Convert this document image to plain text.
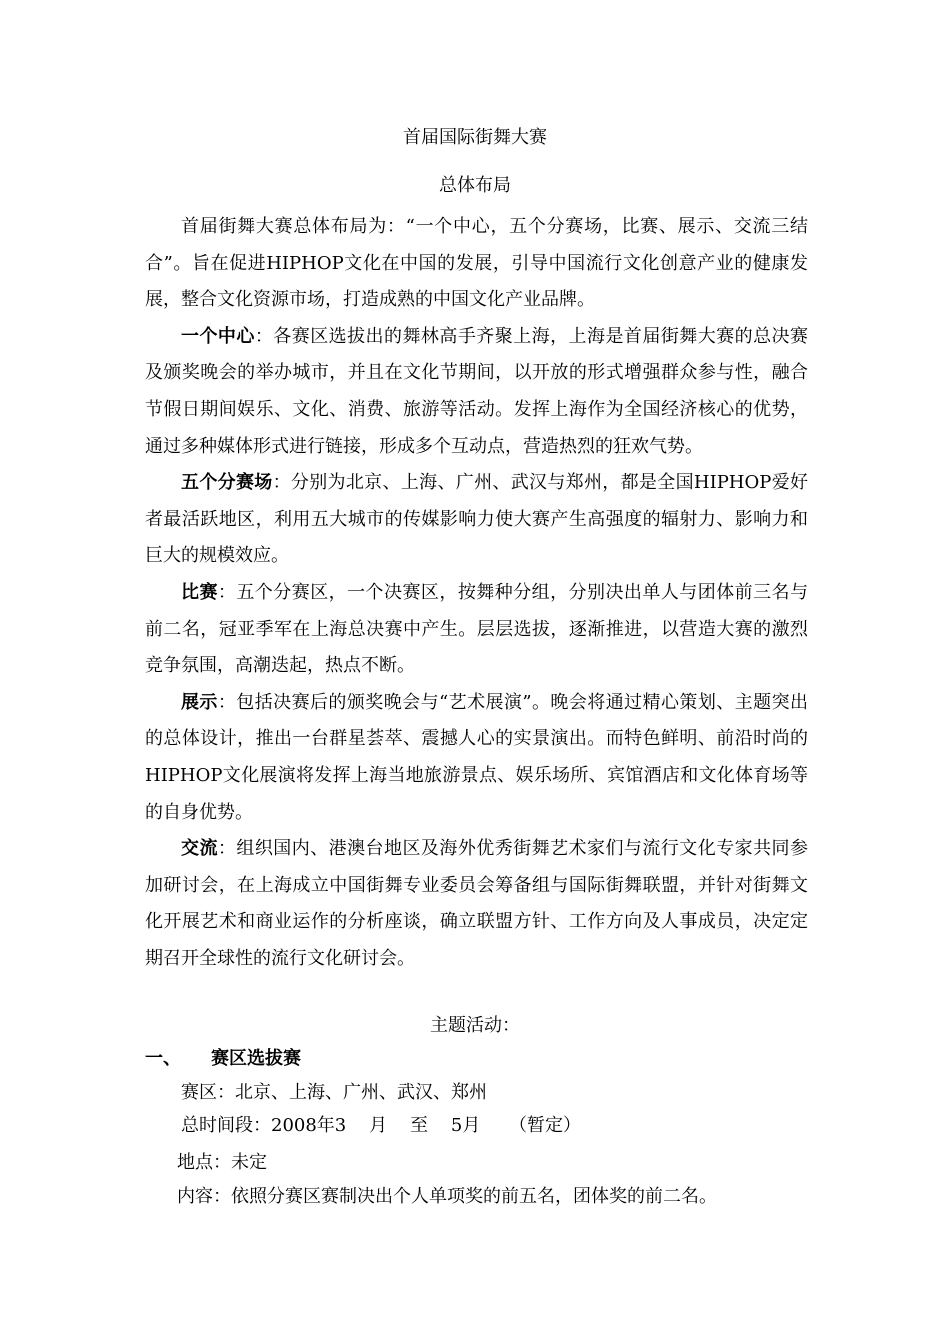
首届国际街舞大赛
总体布局

首届街舞大赛总体布局为：“一个中心，五个分赛场，比赛、展示、交流三结合”。旨在促进HIPHOP文化在中国的发展，引导中国流行文化创意产业的健康发展，整合文化资源市场，打造成熟的中国文化产业品牌。

一个中心：各赛区选拔出的舞林高手齐聚上海，上海是首届街舞大赛的总决赛及颁奖晚会的举办城市，并且在文化节期间，以开放的形式增强群众参与性，融合节假日期间娱乐、文化、消费、旅游等活动。发挥上海作为全国经济核心的优势，通过多种媒体形式进行链接，形成多个互动点，营造热烈的狂欢气势。

五个分赛场：分别为北京、上海、广州、武汉与郑州，都是全国HIPHOP爱好者最活跃地区，利用五大城市的传媒影响力使大赛产生高强度的辐射力、影响力和巨大的规模效应。

比赛：五个分赛区，一个决赛区，按舞种分组，分别决出单人与团体前三名与前二名，冠亚季军在上海总决赛中产生。层层选拔，逐渐推进，以营造大赛的激烈竞争氛围，高潮迭起，热点不断。

展示：包括决赛后的颁奖晚会与“艺术展演”。晚会将通过精心策划、主题突出的总体设计，推出一台群星荟萃、震撼人心的实景演出。而特色鲜明、前沿时尚的HIPHOP文化展演将发挥上海当地旅游景点、娱乐场所、宾馆酒店和文化体育场等的自身优势。

交流：组织国内、港澳台地区及海外优秀街舞艺术家们与流行文化专家共同参加研讨会，在上海成立中国街舞专业委员会筹备组与国际街舞联盟，并针对街舞文化开展艺术和商业运作的分析座谈，确立联盟方针、工作方向及人事成员，决定定期召开全球性的流行文化研讨会。

主题活动：
一、 赛区选拔赛

赛区：北京、上海、广州、武汉、郑州

总时间段：2008年3    月    至    5月     （暂定）

地点：未定

内容：依照分赛区赛制决出个人单项奖的前五名，团体奖的前二名。
